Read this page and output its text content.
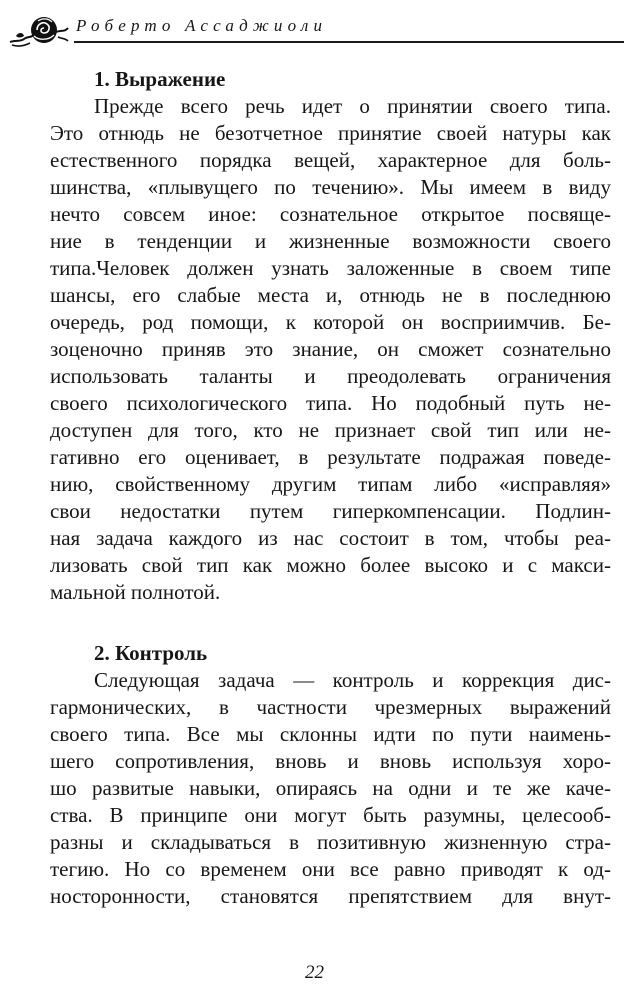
Роберто Ассаджиоли
1. Выражение
Прежде всего речь идет о принятии своего типа.
Это отнюдь не безотчетное принятие своей натуры как
естественного порядка вещей, характерное для боль-
шинства, «плывущего по течению». Мы имеем в виду
нечто совсем иное: сознательное открытое посвяще-
ние в тенденции и жизненные возможности своего
типа.Человек должен узнать заложенные в своем типе
шансы, его слабые места и, отнюдь не в последнюю
очередь, род помощи, к которой он восприимчив. Бе-
зоценочно приняв это знание, он сможет сознательно
использовать таланты и преодолевать ограничения
своего психологического типа. Но подобный путь не-
доступен для того, кто не признает свой тип или не-
гативно его оценивает, в результате подражая поведе-
нию, свойственному другим типам либо «исправляя»
свои недостатки путем гиперкомпенсации. Подлин-
ная задача каждого из нас состоит в том, чтобы реа-
лизовать свой тип как можно более высоко и с макси-
мальной полнотой.
2. Контроль
Следующая задача — контроль и коррекция дис-
гармонических, в частности чрезмерных выражений
своего типа. Все мы склонны идти по пути наимень-
шего сопротивления, вновь и вновь используя хоро-
шо развитые навыки, опираясь на одни и те же каче-
ства. В принципе они могут быть разумны, целесооб-
разны и складываться в позитивную жизненную стра-
тегию. Но со временем они все равно приводят к од-
носторонности, становятся препятствием для внут-
22
